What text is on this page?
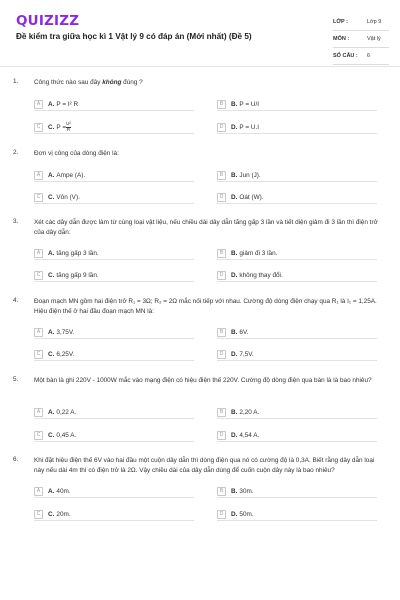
QUIZIZZ
Đề kiểm tra giữa học kì 1 Vật lý 9 có đáp án (Mới nhất) (Đề 5)
LỚP :	Lớp 9
MÔN :	Vật lý
SỐ CÂU : 6
1. Công thức nào sau đây không đúng ?
A	A. P = I² R	B	B. P = U/I
C	C. $P = \frac{\text{U²}}{R}$	D	D. P = U.I
2. Đơn vị công của dòng điện là:
A	A. Ampe (A).	B	B. Jun (J).
C	C. Vôn (V).	D	D. Oát (W).
3. Xét các dây dẫn được làm từ cùng loại vật liệu, nếu chiều dài dây dẫn tăng gấp 3 lần và tiết diện giảm đi 3 lần thì điện trở của dây dẫn:
A	A. tăng gấp 3 lần.	B	B. giảm đi 3 lần.
C	C. tăng gấp 9 lần.	D	D. không thay đổi.
4. Đoạn mạch MN gồm hai điện trở R₁ = 3Ω; R₂ = 2Ω mắc nối tiếp với nhau. Cường độ dòng điện chạy qua R₁ là I₁ = 1,25A. Hiệu điện thế ở hai đầu đoạn mạch MN là:
A	A. 3,75V.	B	B. 6V.
C	C. 6,25V.	D	D. 7,5V.
5. Một bàn là ghi 220V - 1000W mắc vào mạng điện có hiệu điện thế 220V. Cường độ dòng điện qua bàn là là bao nhiêu?
A	A. 0,22 A.	B	B. 2,20 A.
C	C. 0,45 A.	D	D. 4,54 A.
6. Khi đặt hiệu điện thế 6V vào hai đầu một cuộn dây dẫn thì dòng điện qua nó có cường độ là 0,3A. Biết rằng dây dẫn loại này nếu dài 4m thì có điện trở là 2Ω. Vậy chiều dài của dây dẫn dùng để cuốn cuộn dây này là bao nhiêu?
A	A. 40m.	B	B. 30m.
C	C. 20m.	D	D. 50m.
